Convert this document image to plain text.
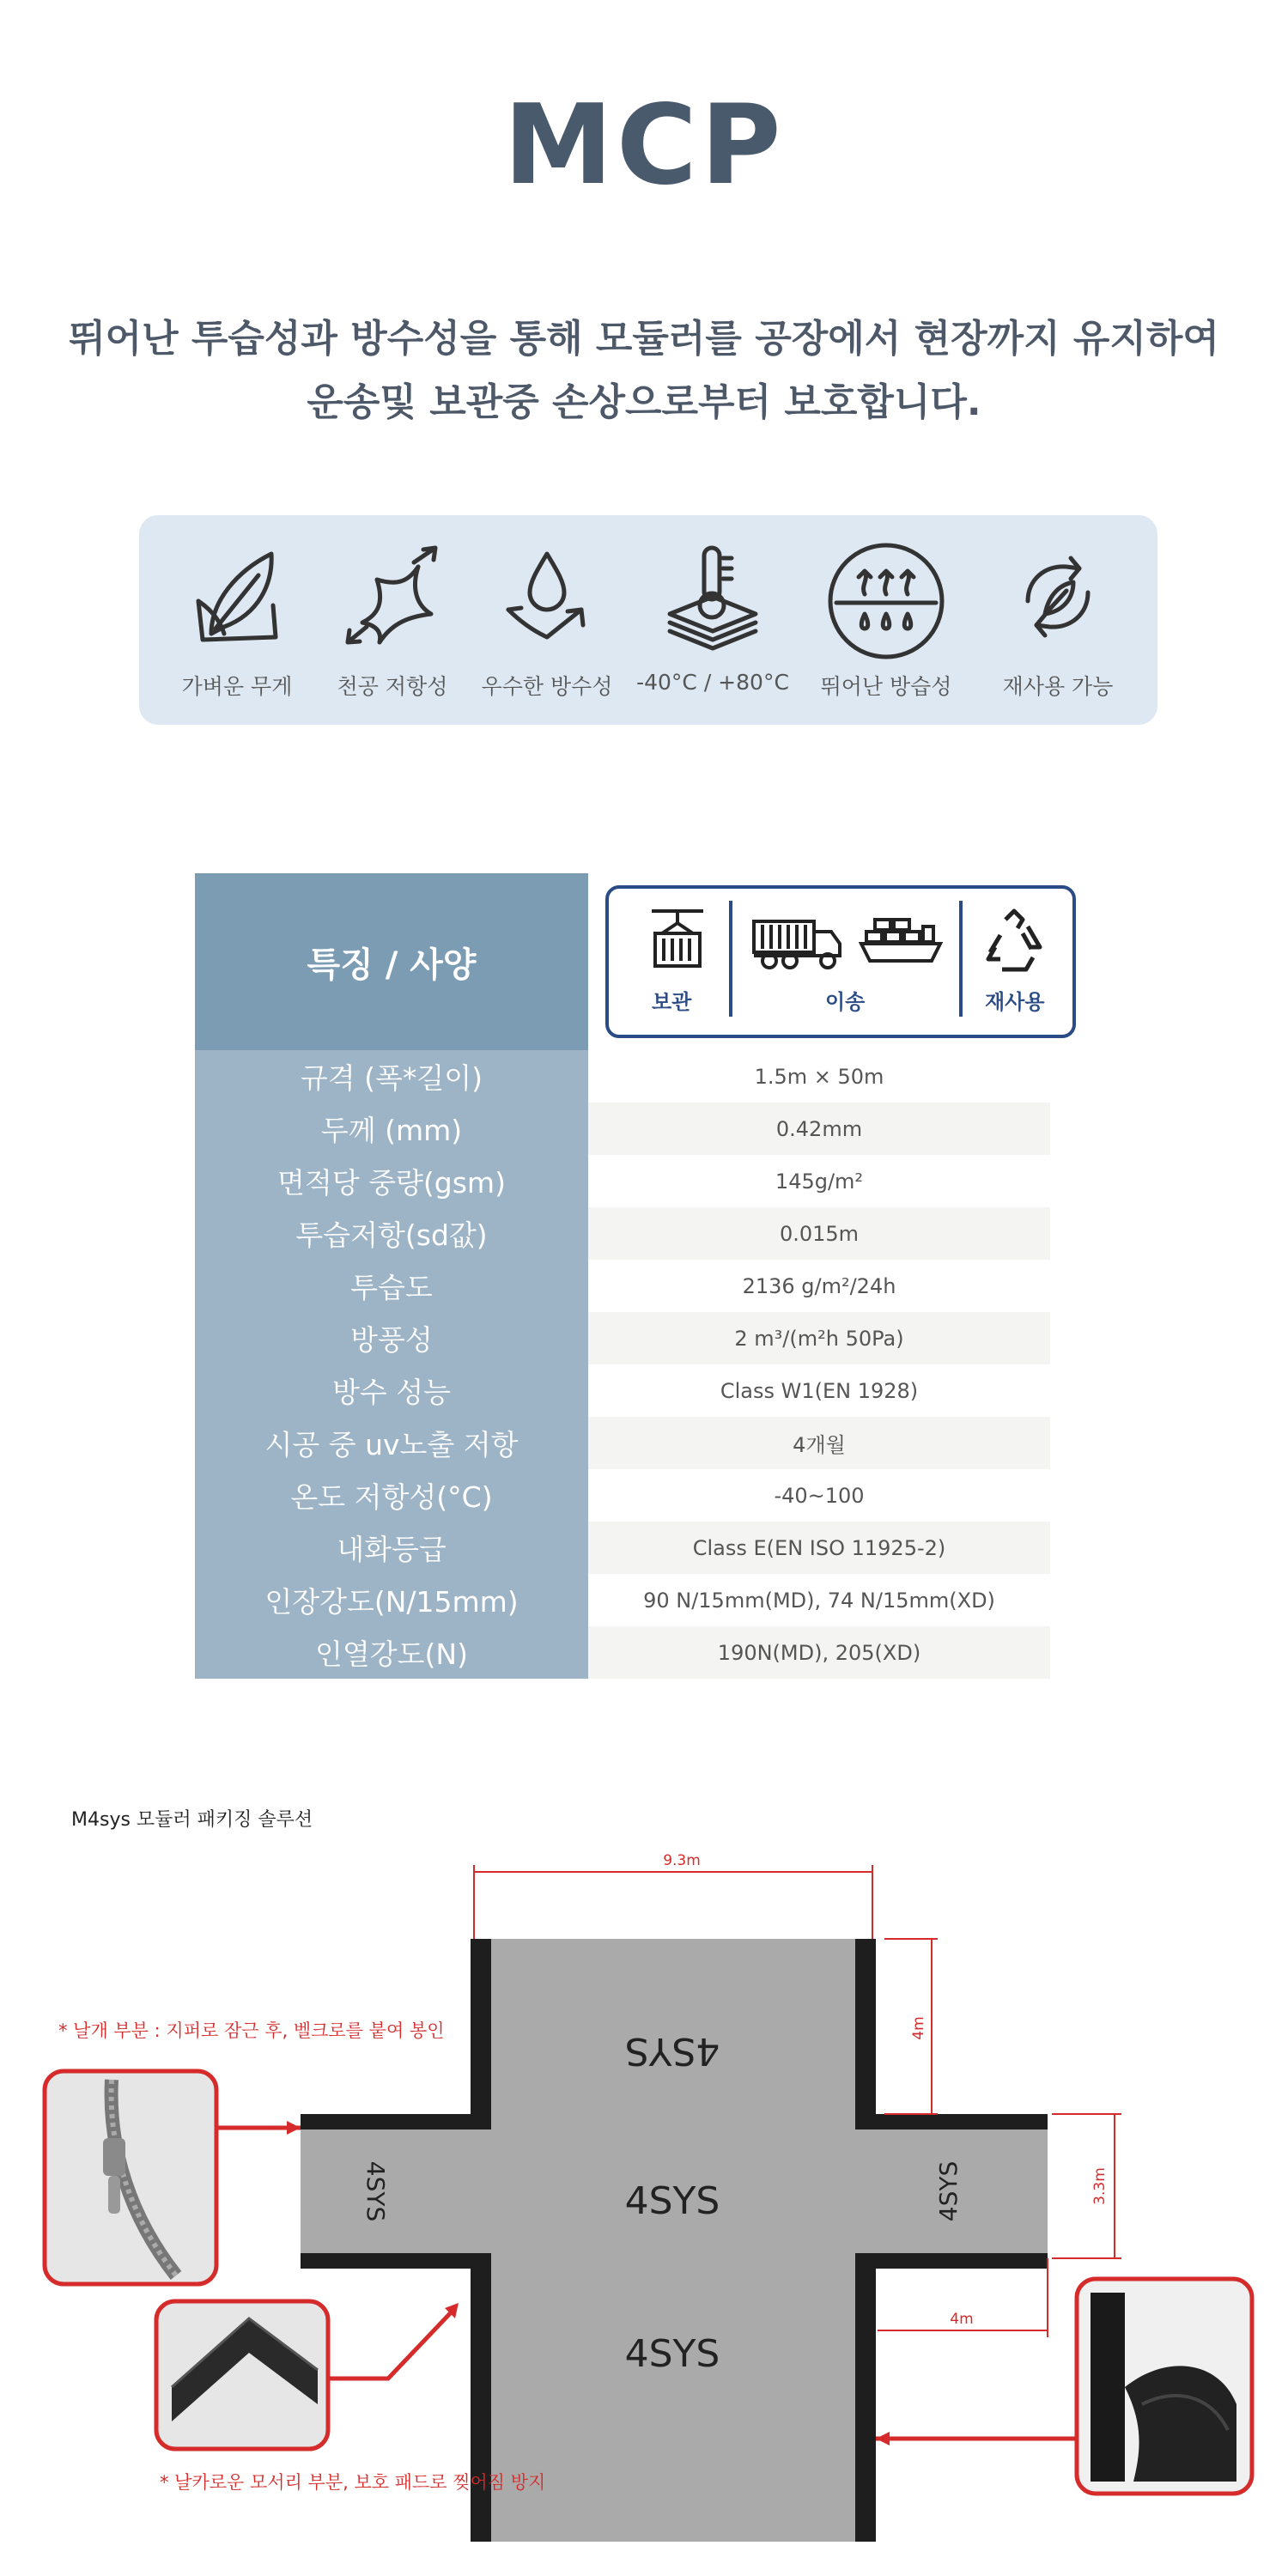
MCP
뛰어난 투습성과 방수성을 통해 모듈러를 공장에서 현장까지 유지하여
운송및 보관중 손상으로부터 보호합니다.
가벼운 무게	천공 저항성	우수한 방수성	-40°C / +80°C	뛰어난 방습성	재사용 가능
특징 / 사양
보관	이송	재사용
규격 (폭*길이)	1.5m × 50m
두께 (mm)	0.42mm
면적당 중량(gsm)	145g/m²
투습저항(sd값)	0.015m
투습도	2136 g/m²/24h
방풍성	2 m³/(m²h 50Pa)
방수 성능	Class W1(EN 1928)
시공 중 uv노출 저항	4개월
온도 저항성(°C)	-40~100
내화등급	Class E(EN ISO 11925-2)
인장강도(N/15mm)	90 N/15mm(MD), 74 N/15mm(XD)
인열강도(N)	190N(MD), 205(XD)
M4sys 모듈러 패키징 솔루션
4SYS
4SYS
4SYS
4SYS	4SYS
9.3m
4m
3.3m
4m
* 날개 부분 : 지퍼로 잠근 후, 벨크로를 붙여 봉인
* 날카로운 모서리 부분, 보호 패드로 찢어짐 방지
